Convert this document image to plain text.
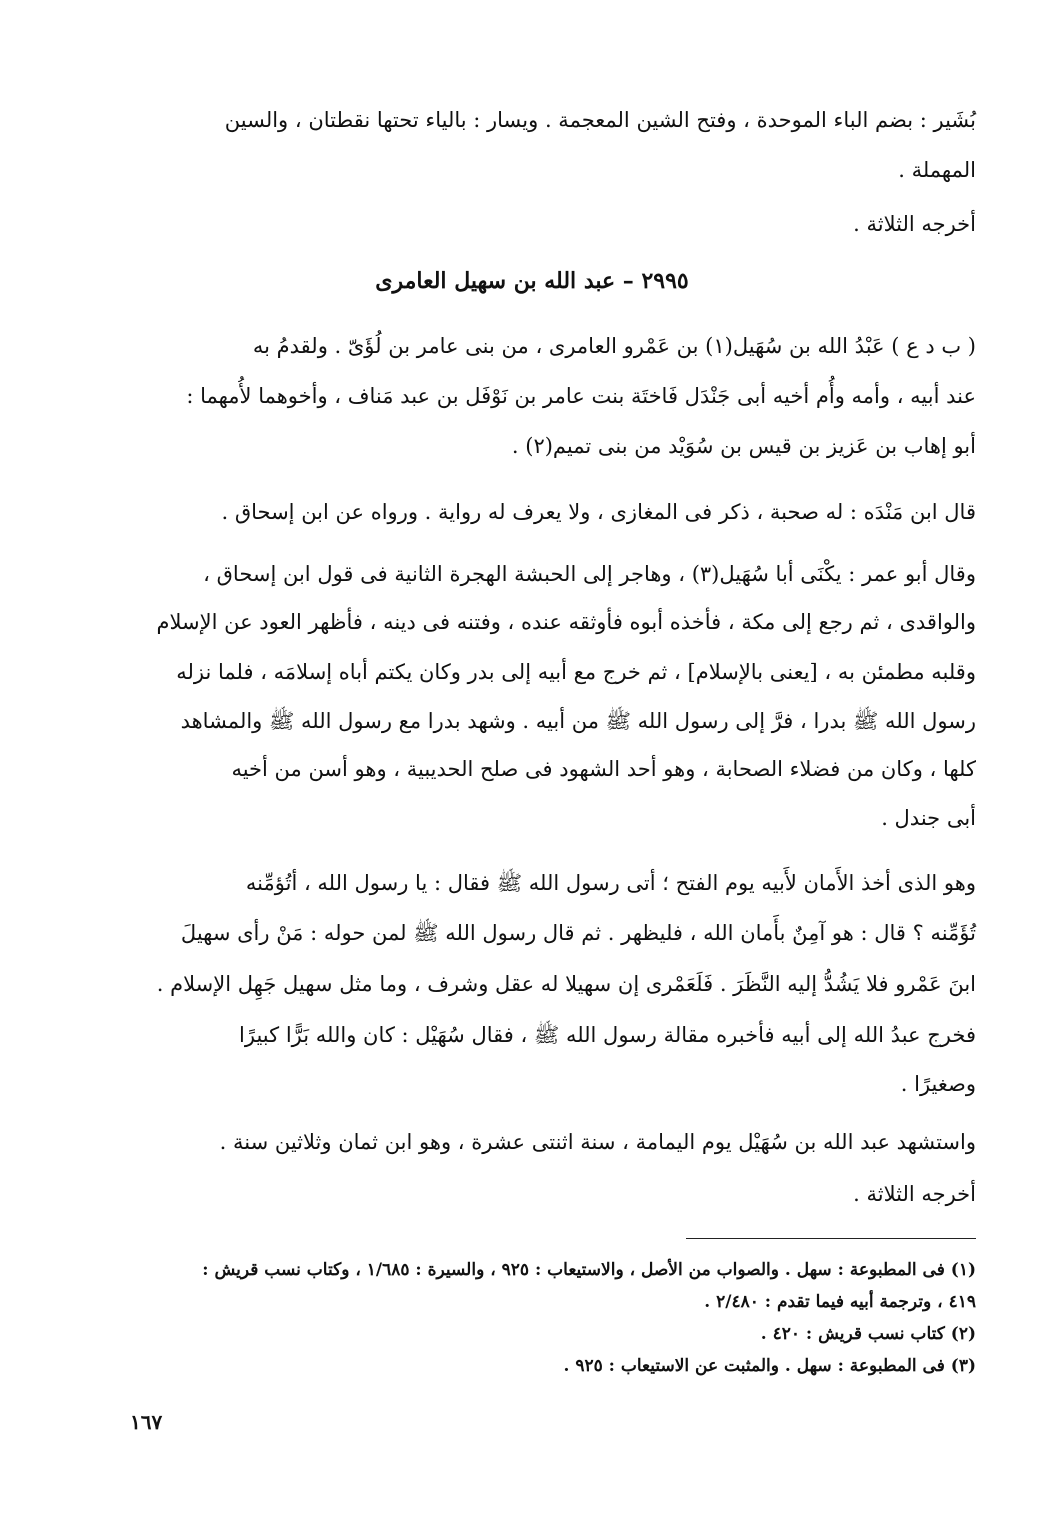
بُشَير : بضم الباء الموحدة ، وفتح الشين المعجمة . ويسار : بالياء تحتها نقطتان ، والسين
المهملة .
أخرجه الثلاثة .
٢٩٩٥ – عبد الله بن سهيل العامرى
( ب د ع ) عَبْدُ الله بن سُهَيل(١) بن عَمْرو العامرى ، من بنى عامر بن لُؤَىّ . ولقدمُ به
عند أبيه ، وأمه وأُم أخيه أبى جَنْدَل فَاختَة بنت عامر بن نَوْفَل بن عبد مَناف ، وأخوهما لأُمهما :
أبو إهاب بن عَزيز بن قيس بن سُوَيْد من بنى تميم(٢) .
قال ابن مَنْدَه : له صحبة ، ذكر فى المغازى ، ولا يعرف له رواية . ورواه عن ابن إسحاق .
وقال أبو عمر : يكْنَى أبا سُهَيل(٣) ، وهاجر إلى الحبشة الهجرة الثانية فى قول ابن إسحاق ،
والواقدى ، ثم رجع إلى مكة ، فأخذه أبوه فأوثقه عنده ، وفتنه فى دينه ، فأظهر العود عن الإسلام
وقلبه مطمئن به ، [يعنى بالإسلام] ، ثم خرج مع أبيه إلى بدر وكان يكتم أباه إسلامَه ، فلما نزله
رسول الله ﷺ بدرا ، فرَّ إلى رسول الله ﷺ من أبيه . وشهد بدرا مع رسول الله ﷺ والمشاهد
كلها ، وكان من فضلاء الصحابة ، وهو أحد الشهود فى صلح الحديبية ، وهو أسن من أخيه
أبى جندل .
وهو الذى أخذ الأَمان لأَبيه يوم الفتح ؛ أتى رسول الله ﷺ فقال : يا رسول الله ، أتُؤمِّنه
تُؤَمِّنه ؟ قال : هو آمِنٌ بأَمان الله ، فليظهر . ثم قال رسول الله ﷺ لمن حوله : مَنْ رأى سهيلَ
ابنَ عَمْرو فلا يَشُدُّ إليه النَّظَرَ . فَلَعَمْرى إن سهيلا له عقل وشرف ، وما مثل سهيل جَهِل الإسلام .
فخرج عبدُ الله إلى أبيه فأخبره مقالة رسول الله ﷺ ، فقال سُهَيْل : كان والله بَرًّا كبيرًا
وصغيرًا .
واستشهد عبد الله بن سُهَيْل يوم اليمامة ، سنة اثنتى عشرة ، وهو ابن ثمان وثلاثين سنة .
أخرجه الثلاثة .
(١) فى المطبوعة : سهل . والصواب من الأصل ، والاستيعاب : ٩٢٥ ، والسيرة : ١/٦٨٥ ، وكتاب نسب قريش :
٤١٩ ، وترجمة أبيه فيما تقدم : ٢/٤٨٠ .
(٢) كتاب نسب قريش : ٤٢٠ .
(٣) فى المطبوعة : سهل . والمثبت عن الاستيعاب : ٩٢٥ .
١٦٧
